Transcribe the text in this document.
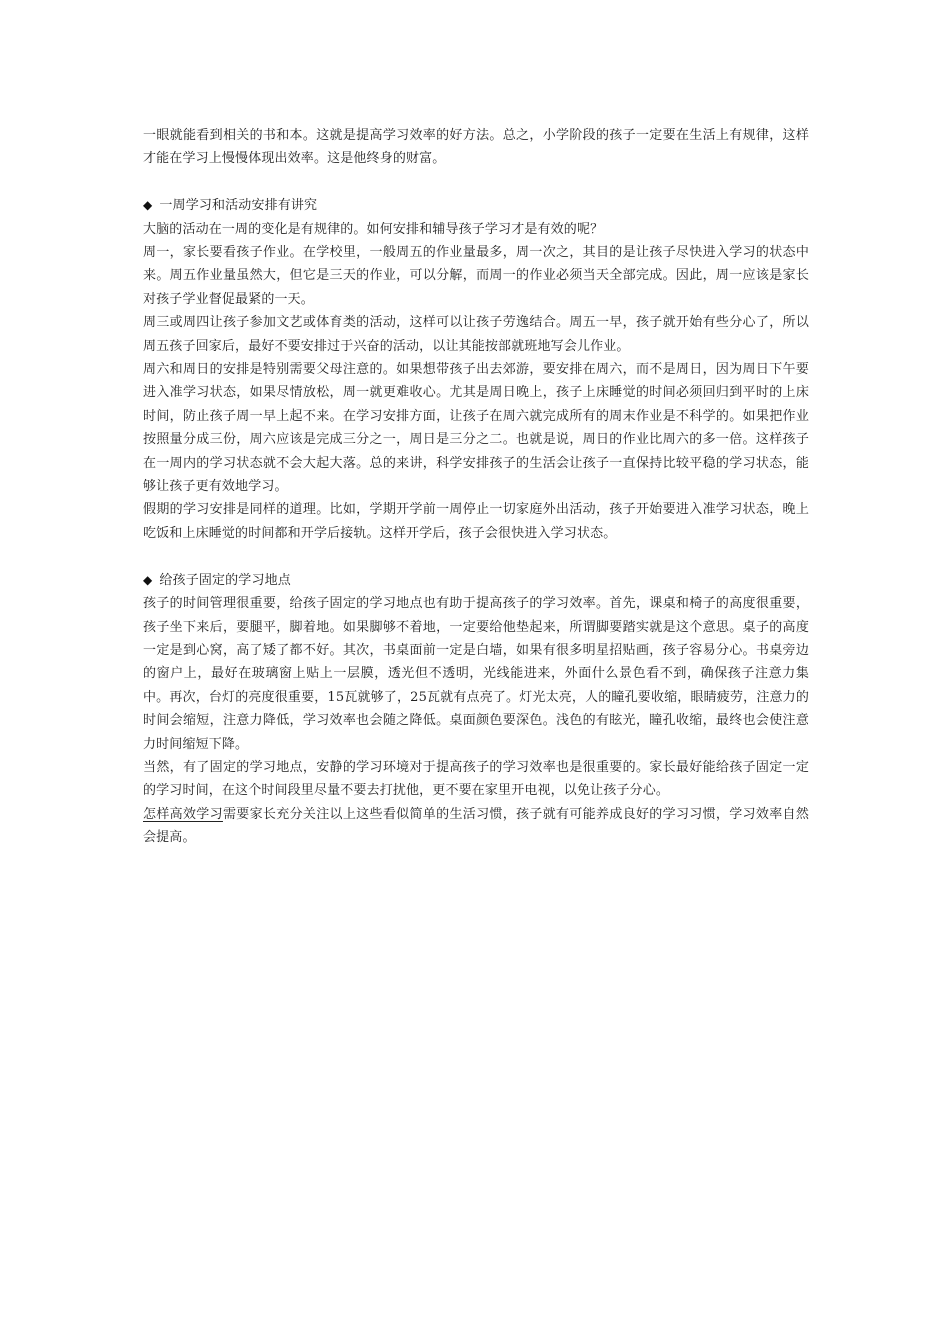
一眼就能看到相关的书和本。这就是提高学习效率的好方法。总之，小学阶段的孩子一定要在生活上有规律，这样才能在学习上慢慢体现出效率。这是他终身的财富。

◆ 一周学习和活动安排有讲究

大脑的活动在一周的变化是有规律的。如何安排和辅导孩子学习才是有效的呢？

周一，家长要看孩子作业。在学校里，一般周五的作业量最多，周一次之，其目的是让孩子尽快进入学习的状态中来。周五作业量虽然大，但它是三天的作业，可以分解，而周一的作业必须当天全部完成。因此，周一应该是家长对孩子学业督促最紧的一天。

周三或周四让孩子参加文艺或体育类的活动，这样可以让孩子劳逸结合。周五一早，孩子就开始有些分心了，所以周五孩子回家后，最好不要安排过于兴奋的活动，以让其能按部就班地写会儿作业。

周六和周日的安排是特别需要父母注意的。如果想带孩子出去郊游，要安排在周六，而不是周日，因为周日下午要进入准学习状态，如果尽情放松，周一就更难收心。尤其是周日晚上，孩子上床睡觉的时间必须回归到平时的上床时间，防止孩子周一早上起不来。在学习安排方面，让孩子在周六就完成所有的周末作业是不科学的。如果把作业按照量分成三份，周六应该是完成三分之一，周日是三分之二。也就是说，周日的作业比周六的多一倍。这样孩子在一周内的学习状态就不会大起大落。总的来讲，科学安排孩子的生活会让孩子一直保持比较平稳的学习状态，能够让孩子更有效地学习。

假期的学习安排是同样的道理。比如，学期开学前一周停止一切家庭外出活动，孩子开始要进入准学习状态，晚上吃饭和上床睡觉的时间都和开学后接轨。这样开学后，孩子会很快进入学习状态。

◆ 给孩子固定的学习地点

孩子的时间管理很重要，给孩子固定的学习地点也有助于提高孩子的学习效率。首先，课桌和椅子的高度很重要，孩子坐下来后，要腿平，脚着地。如果脚够不着地，一定要给他垫起来，所谓脚要踏实就是这个意思。桌子的高度一定是到心窝，高了矮了都不好。其次，书桌面前一定是白墙，如果有很多明星招贴画，孩子容易分心。书桌旁边的窗户上，最好在玻璃窗上贴上一层膜，透光但不透明，光线能进来，外面什么景色看不到，确保孩子注意力集中。再次，台灯的亮度很重要，15瓦就够了，25瓦就有点亮了。灯光太亮，人的瞳孔要收缩，眼睛疲劳，注意力的时间会缩短，注意力降低，学习效率也会随之降低。桌面颜色要深色。浅色的有眩光，瞳孔收缩，最终也会使注意力时间缩短下降。

当然，有了固定的学习地点，安静的学习环境对于提高孩子的学习效率也是很重要的。家长最好能给孩子固定一定的学习时间，在这个时间段里尽量不要去打扰他，更不要在家里开电视，以免让孩子分心。

怎样高效学习需要家长充分关注以上这些看似简单的生活习惯，孩子就有可能养成良好的学习习惯，学习效率自然会提高。
